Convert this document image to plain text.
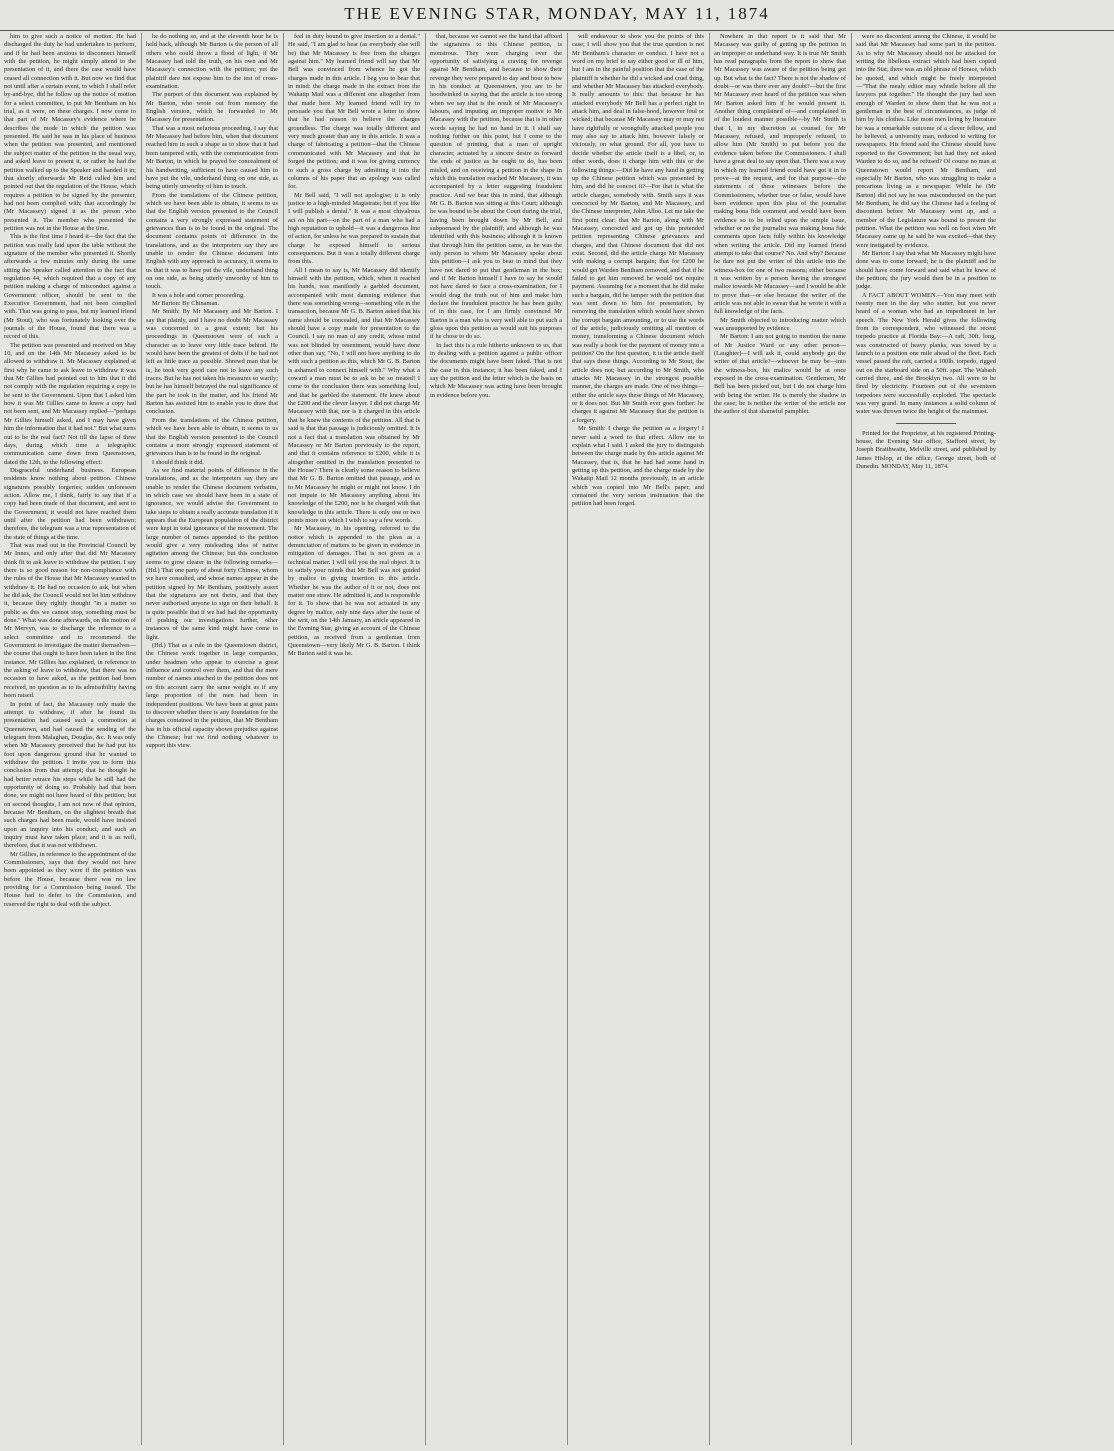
THE EVENING STAR, MONDAY, MAY 11, 1874

him to give such a notice of motion. He had discharged the duty he had undertaken to perform, and if he had been anxious to disconnect himself with the petition, he might simply attend to the presentation of it, and there the case would have ceased all connection with it. But now we find that not until after a certain event, to which I shall refer by-and-bye, did he follow up the notice of motion for a select committee, to put Mr Bentham on his trial, as it were, on these charges. I now come to that part of Mr Macassey's evidence where he describes the mode in which the petition was presented. He said he was in his place of business when the petition was presented, and mentioned the subject matter of the petition in the usual way, and asked leave to present it, or rather he had the petition walked up to the Speaker and handed it in; that shortly afterwards Mr Reid called him and pointed out that the regulation of the House, which requires a petition to be signed by the presenter, had not been complied with; that accordingly he (Mr Macassey) signed it as the person who presented it. The member who presented the petition was not in the House at the time.

This is the first time I heard it—the fact that the petition was really laid upon the table without the signature of the member who presented it. Shortly afterwards a few minutes only during the same sitting the Speaker called attention to the fact that regulation 44, which required that a copy of any petition making a charge of misconduct against a Government officer, should be sent to the Executive Government, had not been complied with. That was going to pass, but my learned friend (Mr Stout), who was fortunately looking over the journals of the House, found that there was a record of this.

The petition was presented and received on May 10, and on the 14th Mr Macassey asked to be allowed to withdraw it. Mr Macassey explained at first why he came to ask leave to withdraw it was that Mr Gillies had pointed out to him that it did not comply with the regulation requiring a copy to be sent to the Government. Upon that I asked him how it was Mr Gillies came to know a copy had not been sent, and Mr Macassey replied—"perhaps Mr Gillies himself asked, and I may have given him the information that it had not." But what turns out to be the real fact? Not till the lapse of three days, during which time a telegraphic communication came down from Queenstown, dated the 12th, to the following effect:

Disgraceful underhand business. European residents know nothing about petition. Chinese signatures possibly forgeries; sudden unforeseen action. Allow me, I think, fairly to say that if a copy had been made of that document, and sent to the Government, it would not have reached them until after the petition had been withdrawn; therefore, the telegram was a true representation of the state of things at the time.

That was read out in the Provincial Council by Mr Innes, and only after that did Mr Macassey think fit to ask leave to withdraw the petition. I say there is so good reason for non-compliance with the rules of the House that Mr Macassey wanted to withdraw it. He had no occasion to ask, but when he did ask, the Council would not let him withdraw it, because they rightly thought "in a matter so public as this we cannot stop, something must be done." What was done afterwards, on the motion of Mr Mervyn, was to discharge the reference to a select committee and to recommend the Government to investigate the matter themselves—the course that ought to have been taken in the first instance. Mr Gillies has explained, in reference to the asking of leave to withdraw, that there was no occasion to have asked, as the petition had been received, no question as to its admissibility having been raised.

In point of fact, the Macassey only made the attempt to withdraw, if after he found its presentation had caused such a commotion at Queenstown, and had caused the sending of the telegram from Malaghan, Douglas, &c. It was only when Mr Macassey perceived that he had put his foot upon dangerous ground that he wanted to withdraw the petition. I invite you to form this conclusion from that attempt; that he thought he had better retrace his steps while he still had the opportunity of doing so. Probably had that been done, we might not have heard of this petition; but on second thoughts, I am not now of that opinion, because Mr Bentham, on the slightest breath that such charges had been made, would have insisted upon an inquiry into his conduct, and such an inquiry must have taken place; and it is as well, therefore, that it was not withdrawn.

Mr Gillies, in reference to the appointment of the Commissioners, says that they would not have been appointed as they were if the petition was before the House, because there was no law providing for a Commission being issued. The House had to defer to the Commission, and reserved the right to deal with the subject.

he do nothing so, and at the eleventh hour he is held back, although Mr Barton is the person of all others who could throw a flood of light, if Mr Macassey had told the truth, on his own and Mr Macassey's connection with the petition; yet the plaintiff dare not expose him to the test of cross-examination.

The purport of this document was explained by Mr Barton, who wrote out from memory the English version, which he forwarded to Mr Macassey for presentation.

That was a most nefarious proceeding. I say that Mr Macassey had before him, when that document reached him in such a shape as to show that it had been tampered with, with the communication from Mr Barton, in which he prayed for concealment of his handwriting, sufficient to have caused him to have put the vile, underhand thing on one side, as being utterly unworthy of him to touch.

From the translations of the Chinese petition, which we have been able to obtain, it seems to us that the English version presented to the Council contains a very strongly expressed statement of grievances than is to be found in the original. The document contains points of difference in the translations, and as the interpreters say they are unable to render the Chinese document into English with any approach to accuracy, it seems to us that it was to have put the vile, underhand thing on one side, as being utterly unworthy of him to touch.

It was a hole and corner proceeding.

Mr Barton: By Chinaman.

Mr Smith: By Mr Macassey and Mr Barton. I say that plainly, and I have no doubt Mr Macassey was concerned to a great extent; but his proceedings in Queenstown were of such a character as to leave very little trace behind. He would have been the greatest of dolts if he had not left as little trace as possible. Shrewd man that he is, he took very good care not to leave any such traces. But he has not taken his measures so warily; but he has himself betrayed the real significance of the part he took in the matter, and his friend Mr Barton has assisted him to enable you to draw that conclusion.

From the translations of the Chinese petition, which we have been able to obtain, it seems to us that the English version presented to the Council contains a more strongly expressed statement of grievances than is to be found in the original.

I should think it did.

As we find material points of difference in the translations, and as the interpreters say they are unable to render the Chinese document verbatim, in which case we should have been in a state of ignorance, we would advise the Government to take steps to obtain a really accurate translation if it appears that the European population of the district were kept in total ignorance of the movement. The large number of names appended to the petition would give a very misleading idea of native agitation among the Chinese; but this conclusion seems to grow clearer in the following remarks—(Hd.) That one party of about forty Chinese, whom we have consulted, and whose names appear in the petition signed by Mr Bentham, positively assert that the signatures are not theirs, and that they never authorised anyone to sign on their behalf. It is quite possible that if we had had the opportunity of pushing our investigations further, other instances of the same kind might have come to light.

(Hd.) That as a rule in the Queenstown district, the Chinese work together in large companies, under headmen who appear to exercise a great influence and control over them, and that the mere number of names attached to the petition does not on this account carry the same weight as if any large proportion of the men had been in independent positions. We have been at great pains to discover whether there is any foundation for the charges contained in the petition, that Mr Bentham has in his official capacity shown prejudice against the Chinese; but we find nothing whatever to support this view.

feel in duty bound to give insertion to a denial." He said, "I am glad to hear (as everybody else will be) that Mr Macassey is free from the charges against him." My learned friend will say that Mr Bell was convinced from whence he got the charges made in this article. I beg you to bear that in mind: the charge made in the extract from the Wakatip Mail was a different one altogether from that made here. My learned friend will try to persuade you that Mr Bell wrote a letter to show that he had reason to believe the charges groundless. The charge was totally different and very much greater than any in this article. It was a charge of fabricating a petition—that the Chinese communicated with Mr Macassey and that he forged the petition; and it was for giving currency to such a gross charge by admitting it into the columns of his paper that an apology was called for.

Mr Bell said, "I will not apologise; it is only justice to a high-minded Magistrate; but if you like I will publish a denial." It was a most chivalrous act on his part—on the part of a man who had a high reputation to uphold—it was a dangerous line of action, for unless he was prepared to sustain that charge he exposed himself to serious consequences. But it was a totally different charge from this.

All I mean to say is, Mr Macassey did identify himself with the petition, which, when it reached his hands, was manifestly a garbled document, accompanied with most damning evidence that there was something wrong—something vile in the transaction, because Mr G. B. Barton asked that his name should be concealed, and that Mr Macassey should have a copy made for presentation to the Council. I say no man of any credit, whose mind was not blinded by resentment, would have done other than say, "No, I will not have anything to do with such a petition as this, which Mr G. B. Barton is ashamed to connect himself with." Why what a coward a man must be to ask to be so treated! I come to the conclusion there was something foul, and that he garbled the statement. He knew about the £200 and the clever lawyer. I did not charge Mr Macassey with that, nor is it charged in this article that he knew the contents of the petition. All that is said is that that passage is judiciously omitted. It is not a fact that a translation was obtained by Mr Macassey or Mr Barton previously to the report, and that it contains reference to £200, while it is altogether omitted in the translation presented to the House? There is clearly some reason to believe that Mr G. B. Barton omitted that passage, and as to Mr Macassey he might or might not know. I do not impute to Mr Macassey anything about his knowledge of the £200, nor is he charged with that knowledge in this article. There is only one or two points more on which I wish to say a few words.

Mr Macassey, in his opening, referred to the notice which is appended to the pleas as a denunciation of matters to be given in evidence in mitigation of damages. That is not given as a technical matter. I will tell you the real object. It is to satisfy your minds that Mr Bell was not guided by malice in giving insertion to this article. Whether he was the author of it or not, does not matter one straw. He admitted it, and is responsible for it. To show that he was not actuated in any degree by malice, only nine days after the issue of the writ, on the 14th January, an article appeared in the Evening Star, giving an account of the Chinese petition, as received from a gentleman from Queenstown—very likely Mr G. B. Barton. I think Mr Barton said it was he.

that, because we cannot see the hand that affixed the signatures to this Chinese petition, is monstrous. They were charging over the opportunity of satisfying a craving for revenge against Mr Bentham, and because to show their revenge they were prepared to day and hour to bow in his conduct at Queenstown, you are to be hoodwinked in saying that the article is too strong when we say that is the result of Mr Macassey's labours, and imputing an improper motive to Mr Macassey with the petition, because that is in other words saying he had no hand in it. I shall say nothing further on this point, but I come to the question of printing, that a man of upright character, actuated by a sincere desire to forward the ends of justice as he ought to do, has been misled, and on receiving a petition in the shape in which this translation reached Mr Macassey, it was accompanied by a letter suggesting fraudulent practice. And we bear this in mind, that although Mr G. B. Barton was sitting at this Court; although he was bound to be about the Court during the trial, having been brought down by Mr Bell, and subpoenaed by the plaintiff; and although he was identified with this business; although it is known that through him the petition came, as he was the only person to whom Mr Macassey spoke about this petition—I ask you to bear in mind that they have not dared to put that gentleman in the box; and if Mr Barton himself I have to say he would not have dared to face a cross-examination, for I would drag the truth out of him and make him declare the fraudulent practice he has been guilty of in this case, for I am firmly convinced Mr Barton is a man who is very well able to put such a gloss upon this petition as would suit his purposes if he chose to do so.

In fact this is a rule hitherto unknown to us, that in dealing with a petition against a public officer the documents might have been faked. That is not the case in this instance; it has been faked, and I say the petition and the letter which is the basis on which Mr Macassey was acting have been brought in evidence before you.

will endeavour to show you the points of this case; I will show you that the true question is not Mr Bentham's character or conduct. I have not a word on my brief to say either good or ill of him, but I am in the painful position that the case of the plaintiff is whether he did a wicked and cruel thing, and whether Mr Macassey has attacked everybody. It really amounts to this: that because he has attacked everybody Mr Bell has a perfect right to attack him, and deal in false-hood, however foul or wicked; that because Mr Macassey may or may not have rightfully or wrongfully attacked people you may also say to attack him, however falsely or viciously, on what ground. For all, you have to decide whether the article itself is a libel, or, in other words, does it charge him with this or the following things:—Did he have any hand in getting up the Chinese petition which was presented by him, and did he concoct it?—For that is what the article charges, somebody with. Smith says it was concocted by Mr Barton, and Mr Macassey, and the Chinese interpreter, John Alloo. Let me take the first point clear: that Mr Barton, along with Mr Macassey, concocted and got up this pretended petition representing Chinese grievances and charges, and that Chinese document that did not exist. Second, did the article charge Mr Macassey with making a corrupt bargain; that for £200 he would get Warden Bentham removed, and that if he failed to get him removed he would not require payment. Assuming for a moment that he did make such a bargain, did he tamper with the petition that was sent down to him for presentation, by removing the translation which would have shown the corrupt bargain amounting, or to use the words of the article, judiciously omitting all mention of money, transforming a Chinese document which was really a book for the payment of money into a petition? On the first question, it is the article itself that says these things. According to Mr Stout, the article does not; but according to Mr Smith, who attacks Mr Macassey in the strongest possible manner, the charges are made. One of two things—either the article says these things of Mr Macassey, or it does not. But Mr Smith ever goes further: he charges it against Mr Macassey that the petition is a forgery.

Mr Smith: I charge the petition as a forgery! I never said a word to that effect. Allow me to explain what I said. I asked the jury to distinguish between the charge made by this article against Mr Macassey, that is, that he had had some hand in getting up this petition, and the charge made by the Wakatip Mail 12 months previously, in an article which was copied into Mr Bell's paper, and contained the very serious insinuation that the petition had been forged.

Nowhere in that report is it said that Mr Macassey was guilty of getting up the petition in an improper or underhand way. It is true Mr Smith has read paragraphs from the report to show that Mr Macassey was aware of the petition being got up. But what is the fact? There is not the shadow of doubt—or was there ever any doubt?—but the first Mr Macassey ever heard of the petition was when Mr Barton asked him if he would present it. Another thing complained of—and complained in of the loudest manner possible—by Mr Smith is that I, in my discretion as counsel for Mr Macassey, refused, and improperly refused, to allow him (Mr Smith) to put before you the evidence taken before the Commissioners. I shall have a great deal to say upon that. There was a way in which my learned friend could have got it in to prove—at the request, and for that purpose—the statements of these witnesses before the Commissioners, whether true or false, would have been evidence upon this plea of the journalist making bona fide comment and would have been evidence so to be relied upon the simple issue, whether or no the journalist was making bona fide comments upon facts fully within his knowledge when writing the article. Did my learned friend attempt to take that course? No. And why? Because he dare not put the writer of this article into the witness-box for one of two reasons; either because it was written by a person having the strongest malice towards Mr Macassey—and I would be able to prove that—or else because the writer of the article was not able to swear that he wrote it with a full knowledge of the facts.

Mr Smith objected to introducing matter which was unsupported by evidence.

Mr Barton: I am not going to mention the name of Mr Justice Ward or any other person—(Laughter)—I will ask it, could anybody get the writer of that article?—whoever he may be—into the witness-box, his malice would be at once exposed in the cross-examination. Gentlemen, Mr Bell has been picked out, but I do not charge him with being the writer. He is merely the shadow in the case; he is neither the writer of the article nor the author of that shameful pamphlet.

were no discontent among the Chinese, it would be said that Mr Macassey had some part in the petition. As to why Mr Macassey should not be attacked for writing the libellous extract which had been copied into the Star, there was an old phrase of Horace, which he quoted, and which might be freely interpreted—"That the mealy editor may whistle before all the lawyers put together." He thought the jury had seen enough of Warden to show them that he was not a gentleman in the best of circumstances, as judge of him by his clothes. Like most men living by literature he was a remarkable outcome of a clever fellow, and he believed, a university man, reduced to writing for newspapers. His friend said the Chinese should have reported to the Government; but had they not asked Warden to do so, and he refused? Of course no man at Queenstown would report Mr Bentham, and especially Mr Barton, who was struggling to make a precarious living as a newspaper. While he (Mr Barton) did not say he was misconducted on the part Mr Bentham, he did say the Chinese had a feeling of discontent before Mr Macassey went up, and a member of the Legislature was bound to present the petition. What the petition was well on foot when Mr Macassey came up he said he was excited—that they were instigated by evidence.

Mr Barton: I say that what Mr Macassey might have done was to come forward; he is the plaintiff and he should have come forward and said what he knew of the petition; the jury would then be in a position to judge.

A FACT ABOUT WOMEN.—You may meet with twenty men in the day who stutter, but you never heard of a woman who had an impediment in her speech. The New York Herald gives the following from its correspondent, who witnessed the recent torpedo practice at Florida Bay:—A raft, 30ft. long, was constructed of heavy planks, was towed by a launch to a position one mile ahead of the fleet. Each vessel passed the raft, carried a 100lb. torpedo, rigged out on the starboard side on a 50ft. spar. The Wabash carried three, and the Brooklyn two. All were to be fired by electricity. Fourteen out of the seventeen torpedoes were successfully exploded. The spectacle was very grand. In many instances a solid column of water was thrown twice the height of the mainmast.

Printed for the Proprietor, at his registered Printing-house, the Evening Star office, Stafford street, by Joseph Braithwaite, Melville street, and published by James Hislop, at the office, George street, both of Dunedin. MONDAY, May 11, 1874.
